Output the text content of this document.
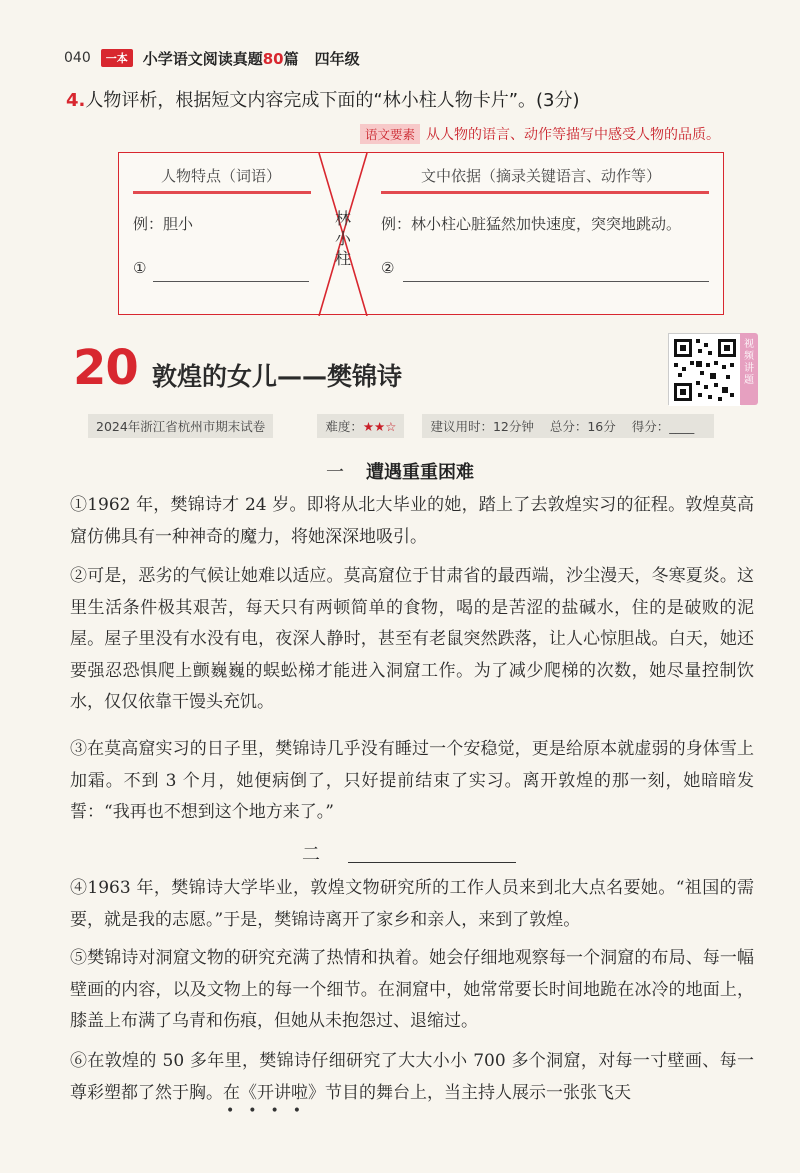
040	一本	小学语文阅读真题80篇 四年级
4.人物评析，根据短文内容完成下面的“林小柱人物卡片”。(3分)
语文要素 从人物的语言、动作等描写中感受人物的品质。
人物特点（词语）	文中依据（摘录关键语言、动作等）
林
小
柱
例：胆小	例：林小柱心脏猛然加快速度，突突地跳动。
①	②
20 敦煌的女儿——樊锦诗
视频讲题
2024年浙江省杭州市期末试卷	难度：★★☆	建议用时：12分钟 总分：16分 得分：____
一 遭遇重重困难
①1962 年，樊锦诗才 24 岁。即将从北大毕业的她，踏上了去敦煌实习的征程。敦煌莫高窟仿佛具有一种神奇的魔力，将她深深地吸引。
②可是，恶劣的气候让她难以适应。莫高窟位于甘肃省的最西端，沙尘漫天，冬寒夏炎。这里生活条件极其艰苦，每天只有两顿简单的食物，喝的是苦涩的盐碱水，住的是破败的泥屋。屋子里没有水没有电，夜深人静时，甚至有老鼠突然跌落，让人心惊胆战。白天，她还要强忍恐惧爬上颤巍巍的蜈蚣梯才能进入洞窟工作。为了减少爬梯的次数，她尽量控制饮水，仅仅依靠干馒头充饥。
③在莫高窟实习的日子里，樊锦诗几乎没有睡过一个安稳觉，更是给原本就虚弱的身体雪上加霜。不到 3 个月，她便病倒了，只好提前结束了实习。离开敦煌的那一刻，她暗暗发誓：“我再也不想到这个地方来了。”
二
④1963 年，樊锦诗大学毕业，敦煌文物研究所的工作人员来到北大点名要她。“祖国的需要，就是我的志愿。”于是，樊锦诗离开了家乡和亲人，来到了敦煌。
⑤樊锦诗对洞窟文物的研究充满了热情和执着。她会仔细地观察每一个洞窟的布局、每一幅壁画的内容，以及文物上的每一个细节。在洞窟中，她常常要长时间地跪在冰冷的地面上，膝盖上布满了乌青和伤痕，但她从未抱怨过、退缩过。
⑥在敦煌的 50 多年里，樊锦诗仔细研究了大大小小 700 多个洞窟，对每一寸壁画、每一尊彩塑都了然于胸。在《开讲啦》节目的舞台上，当主持人展示一张张飞天
••••
